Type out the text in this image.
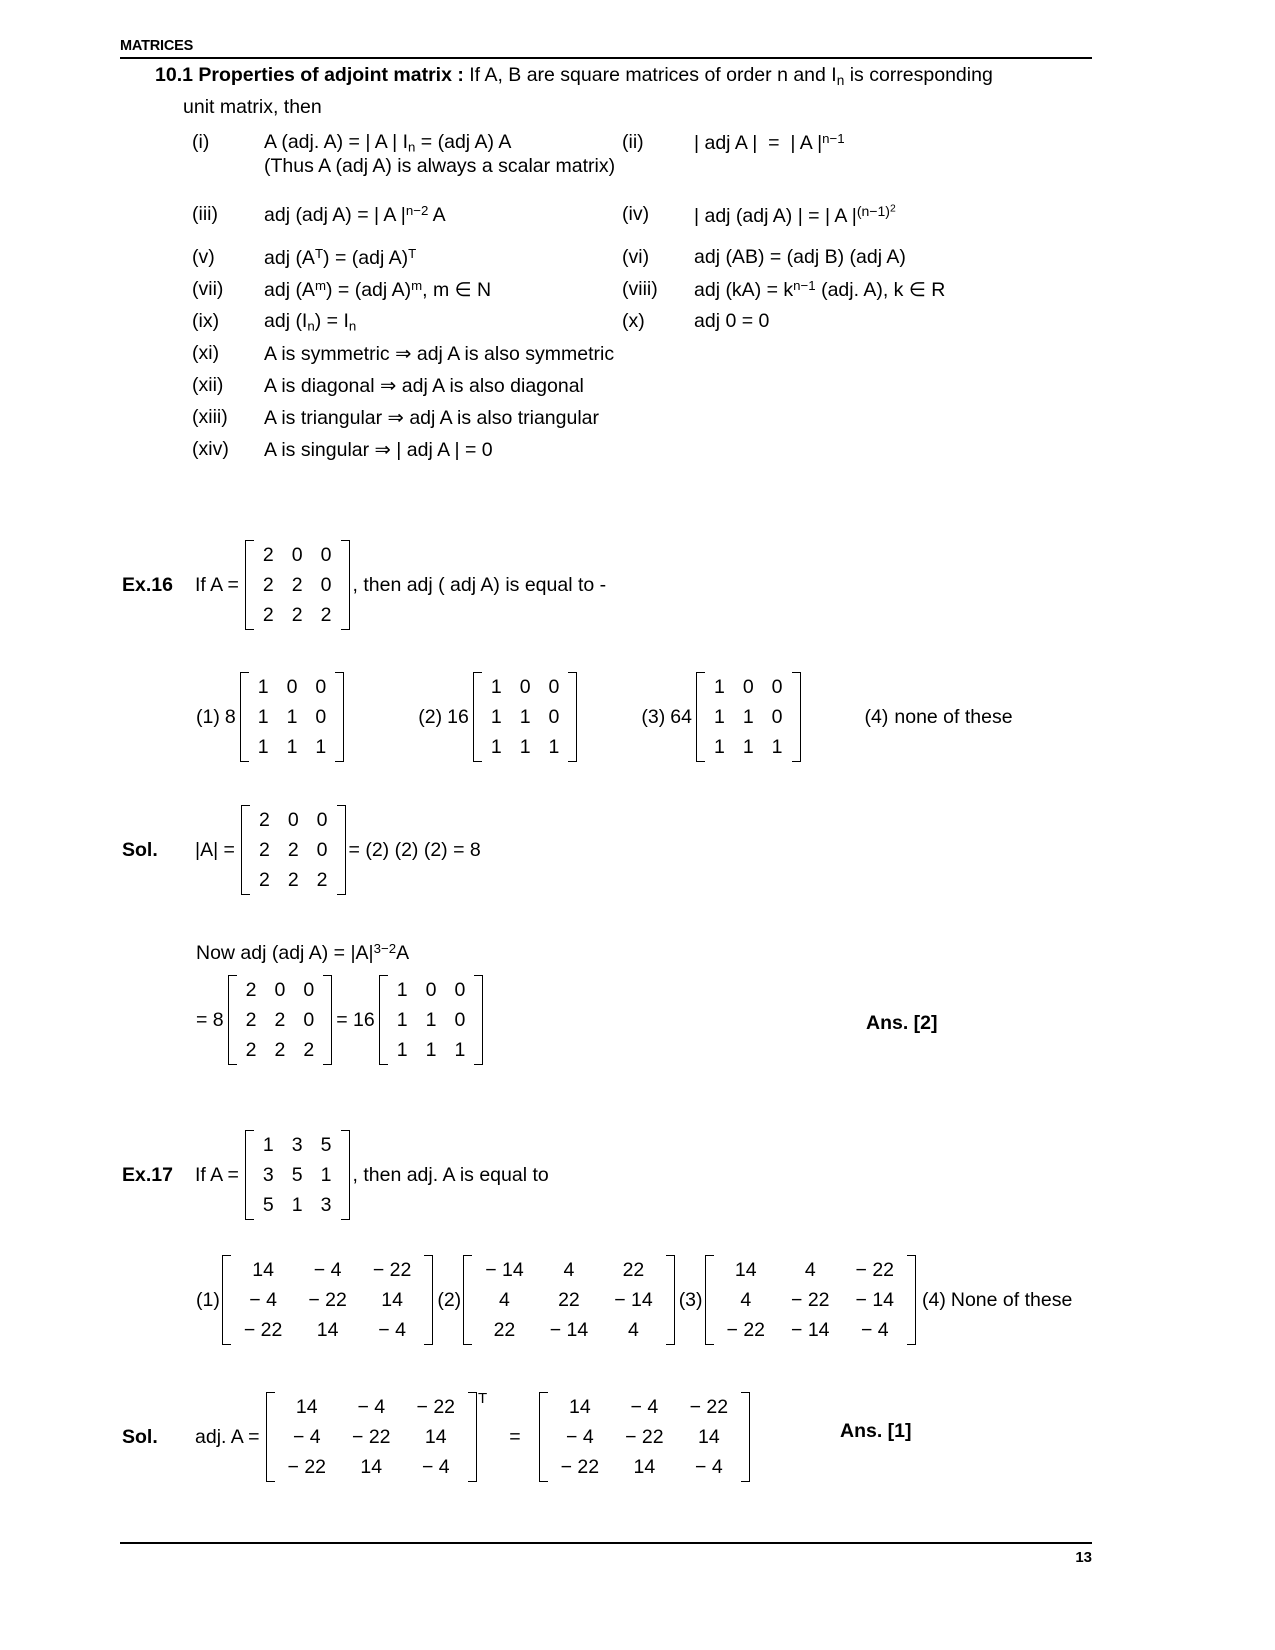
MATRICES
10.1 Properties of adjoint matrix : If A, B are square matrices of order n and $I_n$ is corresponding
unit matrix, then
(i)	A (adj. A) = | A | $I_n = (adj$ A) A	(ii)	| adj A |  =  | A $|^{n-1}$
(Thus A (adj A) is always a scalar matrix)
(iii)	adj (adj A) = | A $|^{n-2}$ A	(iv)	| adj (adj A) | = | A $|^{(n-1)^2}$
(v)	adj $(A^T) = (adj$ A)$^T$	(vi)	adj (AB) = (adj B) (adj A)
(vii)	adj $(A^m) = (adj$ A)$^m$, m ∈ N	(viii)	adj $(kA) = k^{n-1}$ (adj. A), k ∈ R
(ix)	adj $(I_n) = I_n$	(x)	adj 0 = 0
(xi)	A is symmetric ⇒ adj A is also symmetric
(xii)	A is diagonal ⇒ adj A is also diagonal
(xiii)	A is triangular ⇒ adj A is also triangular
(xiv)	A is singular ⇒ | adj A | = 0
Ex.16	If A =
2	0	0
2	2	0
2	2	2
, then adj ( adj A) is equal to -
(1) 8
1	0	0
1	1	0
1	1	1
(2) 16
1	0	0
1	1	0
1	1	1
(3) 64
1	0	0
1	1	0
1	1	1
(4) none of these
Sol.	|A| =
2	0	0
2	2	0
2	2	2
= (2) (2) (2) = 8
Now adj (adj $A) = |A|^{3-2}A$
= 8
2	0	0
2	2	0
2	2	2
= 16
1	0	0
1	1	0
1	1	1
Ans. [2]
Ex.17	If A =
1	3	5
3	5	1
5	1	3
, then adj. A is equal to
(1)
14	− 4	− 22
− 4	− 22	14
− 22	14	− 4
(2)
− 14	4	22
4	22	− 14
22	− 14	4
(3)
14	4	− 22
4	− 22	− 14
− 22	− 14	− 4
(4) None of these
Sol.	adj. A =
14	− 4	− 22
− 4	− 22	14
− 22	14	− 4
T
=
14	− 4	− 22
− 4	− 22	14
− 22	14	− 4
Ans. [1]
13
